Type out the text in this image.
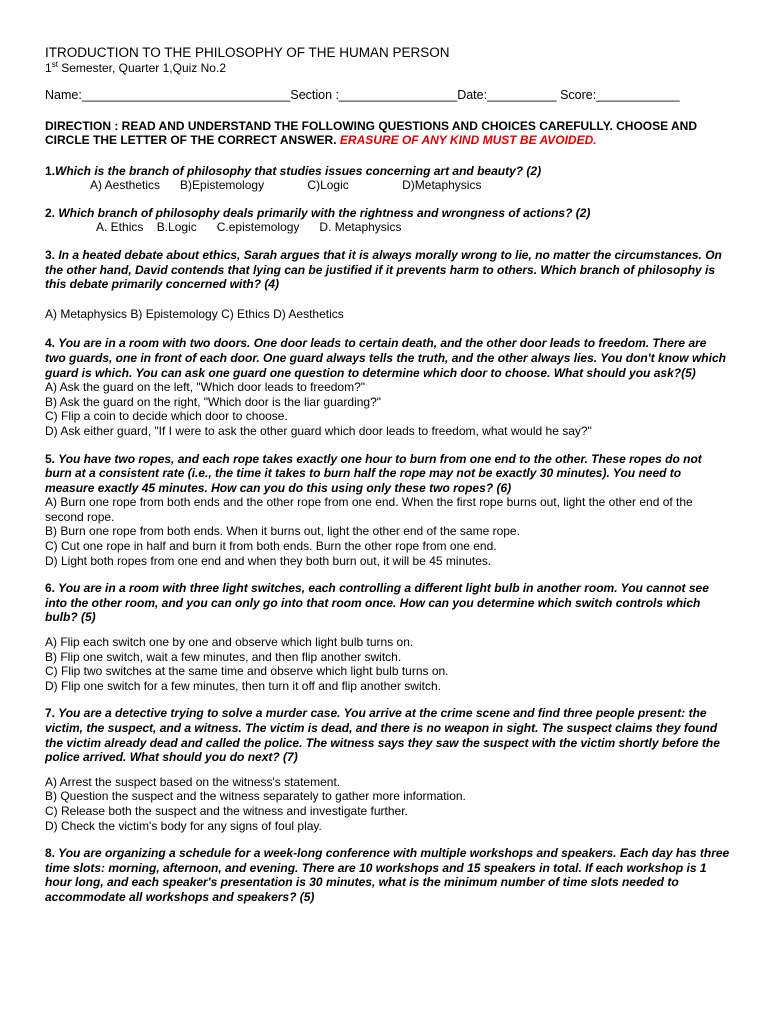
ITRODUCTION TO THE PHILOSOPHY OF THE HUMAN PERSON

1st Semester, Quarter 1,Quiz No.2

Name:______________________________Section :_________________Date:__________ Score:____________
DIRECTION : READ AND UNDERSTAND THE FOLLOWING QUESTIONS AND CHOICES CAREFULLY. CHOOSE AND CIRCLE THE LETTER OF THE CORRECT ANSWER. ERASURE OF ANY KIND MUST BE AVOIDED.
1.Which is the branch of philosophy that studies issues concerning art and beauty? (2)
A) Aesthetics      B)Epistemology             C)Logic                D)Metaphysics
2. Which branch of philosophy deals primarily with the rightness and wrongness of actions? (2)
A. Ethics    B.Logic      C.epistemology      D. Metaphysics
3. In a heated debate about ethics, Sarah argues that it is always morally wrong to lie, no matter the circumstances. On the other hand, David contends that lying can be justified if it prevents harm to others. Which branch of philosophy is this debate primarily concerned with? (4)
A) Metaphysics B) Epistemology C) Ethics D) Aesthetics
4. You are in a room with two doors. One door leads to certain death, and the other door leads to freedom. There are two guards, one in front of each door. One guard always tells the truth, and the other always lies. You don't know which guard is which. You can ask one guard one question to determine which door to choose. What should you ask?(5)
A) Ask the guard on the left, "Which door leads to freedom?"
B) Ask the guard on the right, "Which door is the liar guarding?"
C) Flip a coin to decide which door to choose.
D) Ask either guard, "If I were to ask the other guard which door leads to freedom, what would he say?"
5. You have two ropes, and each rope takes exactly one hour to burn from one end to the other. These ropes do not burn at a consistent rate (i.e., the time it takes to burn half the rope may not be exactly 30 minutes). You need to measure exactly 45 minutes. How can you do this using only these two ropes? (6)
A) Burn one rope from both ends and the other rope from one end. When the first rope burns out, light the other end of the second rope.
B) Burn one rope from both ends. When it burns out, light the other end of the same rope.
C) Cut one rope in half and burn it from both ends. Burn the other rope from one end.
D) Light both ropes from one end and when they both burn out, it will be 45 minutes.
6. You are in a room with three light switches, each controlling a different light bulb in another room. You cannot see into the other room, and you can only go into that room once. How can you determine which switch controls which bulb? (5)
A) Flip each switch one by one and observe which light bulb turns on.
B) Flip one switch, wait a few minutes, and then flip another switch.
C) Flip two switches at the same time and observe which light bulb turns on.
D) Flip one switch for a few minutes, then turn it off and flip another switch.
7. You are a detective trying to solve a murder case. You arrive at the crime scene and find three people present: the victim, the suspect, and a witness. The victim is dead, and there is no weapon in sight. The suspect claims they found the victim already dead and called the police. The witness says they saw the suspect with the victim shortly before the police arrived. What should you do next? (7)
A) Arrest the suspect based on the witness's statement.
B) Question the suspect and the witness separately to gather more information.
C) Release both the suspect and the witness and investigate further.
D) Check the victim's body for any signs of foul play.
8. You are organizing a schedule for a week-long conference with multiple workshops and speakers. Each day has three time slots: morning, afternoon, and evening. There are 10 workshops and 15 speakers in total. If each workshop is 1 hour long, and each speaker's presentation is 30 minutes, what is the minimum number of time slots needed to accommodate all workshops and speakers? (5)
